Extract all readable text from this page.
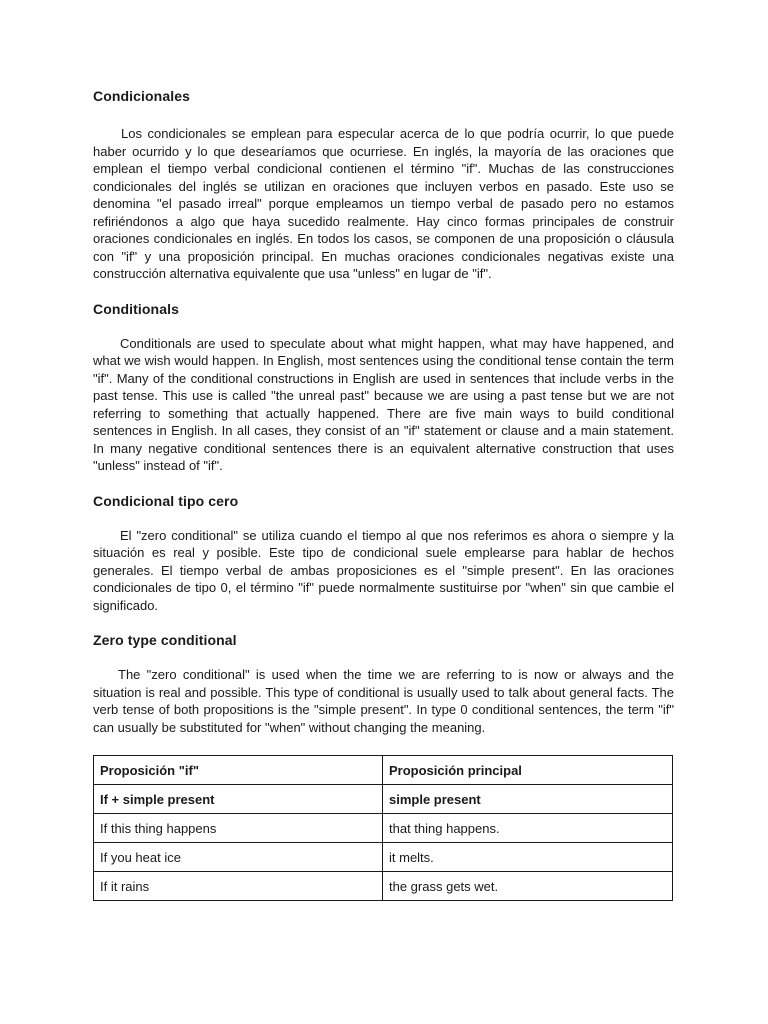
Condicionales

Los condicionales se emplean para especular acerca de lo que podría ocurrir, lo que puede haber ocurrido y lo que desearíamos que ocurriese. En inglés, la mayoría de las oraciones que emplean el tiempo verbal condicional contienen el término "if". Muchas de las construcciones condicionales del inglés se utilizan en oraciones que incluyen verbos en pasado. Este uso se denomina "el pasado irreal" porque empleamos un tiempo verbal de pasado pero no estamos refiriéndonos a algo que haya sucedido realmente. Hay cinco formas principales de construir oraciones condicionales en inglés. En todos los casos, se componen de una proposición o cláusula con "if" y una proposición principal. En muchas oraciones condicionales negativas existe una construcción alternativa equivalente que usa "unless" en lugar de "if".

Conditionals

Conditionals are used to speculate about what might happen, what may have happened, and what we wish would happen. In English, most sentences using the conditional tense contain the term "if". Many of the conditional constructions in English are used in sentences that include verbs in the past tense. This use is called "the unreal past" because we are using a past tense but we are not referring to something that actually happened. There are five main ways to build conditional sentences in English. In all cases, they consist of an "if" statement or clause and a main statement. In many negative conditional sentences there is an equivalent alternative construction that uses "unless" instead of "if".

Condicional tipo cero

El "zero conditional" se utiliza cuando el tiempo al que nos referimos es ahora o siempre y la situación es real y posible. Este tipo de condicional suele emplearse para hablar de hechos generales. El tiempo verbal de ambas proposiciones es el "simple present". En las oraciones condicionales de tipo 0, el término "if" puede normalmente sustituirse por "when" sin que cambie el significado.

Zero type conditional

The "zero conditional" is used when the time we are referring to is now or always and the situation is real and possible. This type of conditional is usually used to talk about general facts. The verb tense of both propositions is the "simple present". In type 0 conditional sentences, the term "if" can usually be substituted for "when" without changing the meaning.

Proposición "if"	Proposición principal
If + simple present	simple present
If this thing happens	that thing happens.
If you heat ice	it melts.
If it rains	the grass gets wet.
